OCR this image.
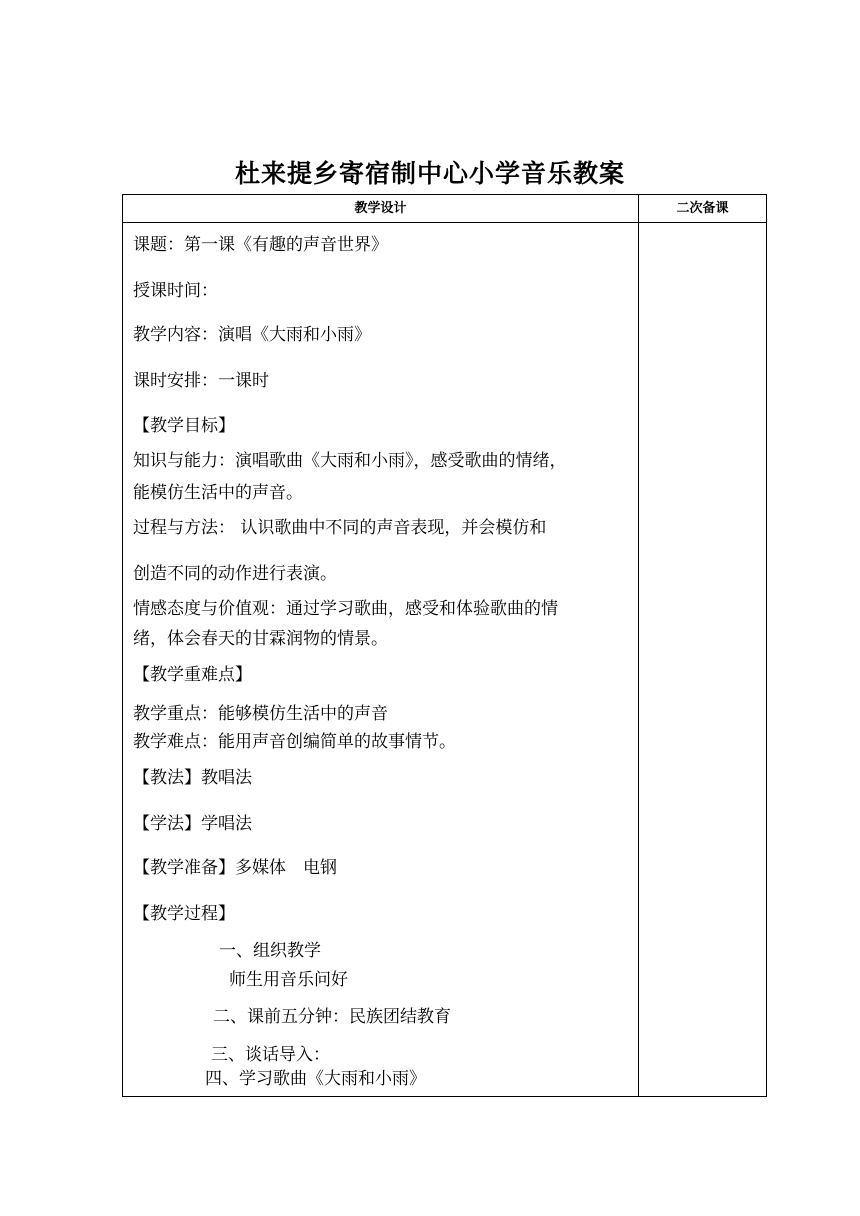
杜来提乡寄宿制中心小学音乐教案
教学设计	二次备课
课题：第一课《有趣的声音世界》
授课时间：
教学内容：演唱《大雨和小雨》
课时安排：一课时
【教学目标】
知识与能力：演唱歌曲《大雨和小雨》，感受歌曲的情绪，
能模仿生活中的声音。
过程与方法： 认识歌曲中不同的声音表现，并会模仿和
创造不同的动作进行表演。
情感态度与价值观：通过学习歌曲，感受和体验歌曲的情
绪，体会春天的甘霖润物的情景。
【教学重难点】
教学重点：能够模仿生活中的声音
教学难点：能用声音创编简单的故事情节。
【教法】教唱法
【学法】学唱法
【教学准备】多媒体　电钢
【教学过程】
一、组织教学
师生用音乐问好
二、课前五分钟：民族团结教育
三、谈话导入：
四、学习歌曲《大雨和小雨》
